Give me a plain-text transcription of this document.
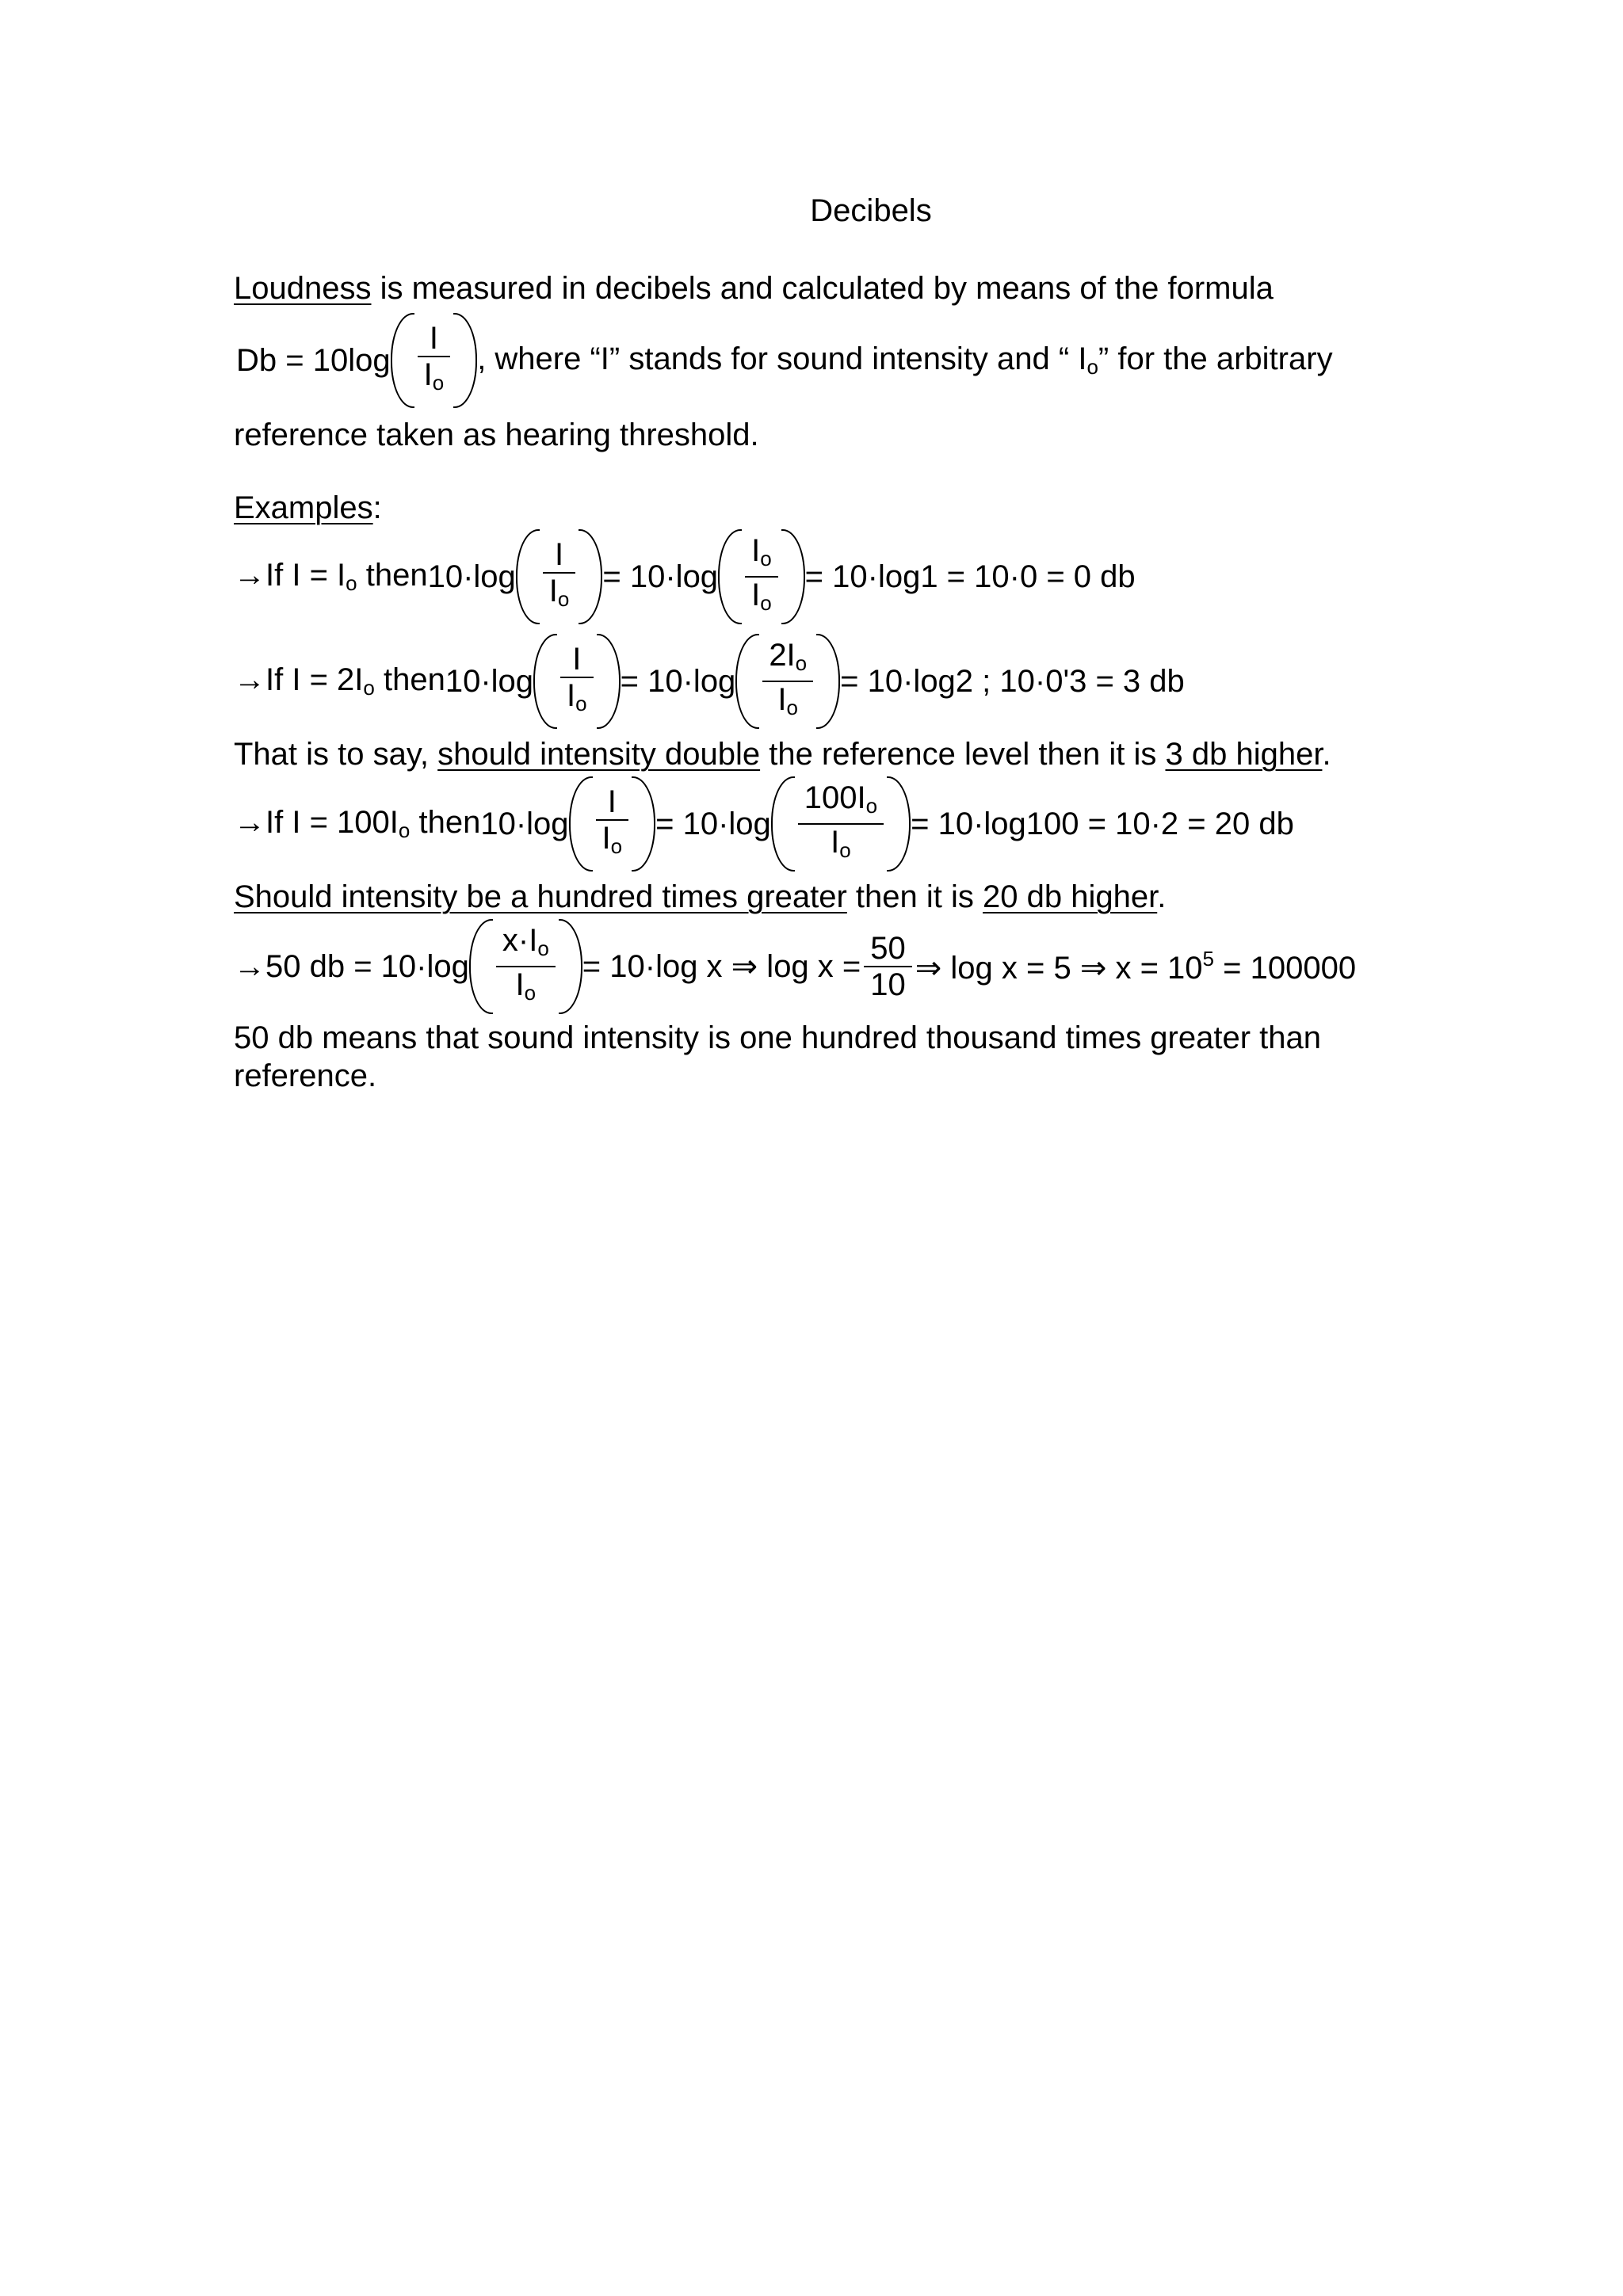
Decibels
Loudness is measured in decibels and calculated by means of the formula
$Db = 10\log \frac{I}{I_o}$ , where “I” stands for sound intensity and “ $I_o$” for the arbitrary
reference taken as hearing threshold.
Examples:
→If $I = I_o$ then $10\cdot\log \frac{I}{I_o} = 10\cdot\log \frac{I_o}{I_o} = 10\cdot\log 1 = 10\cdot 0 = 0$ db
→If $I = 2I_o$ then $10\cdot\log \frac{I}{I_o} = 10\cdot\log \frac{2I_o}{I_o} = 10\cdot\log 2$ ; 10·0'3 = 3 db
That is to say, should intensity double the reference level then it is 3 db higher.
→If $I = 100I_o$ then $10\cdot\log \frac{I}{I_o} = 10\cdot\log \frac{100I_o}{I_o} = 10\cdot\log 100 = 10\cdot 2 = 20$ db
Should intensity be a hundred times greater then it is 20 db higher.
→50 db = $10\cdot\log \frac{x\cdot I_o}{I_o} = 10\cdot\log$ x ⇒ $\log x = \frac{50}{10}$ ⇒ log x = 5 ⇒ $x = 10^5 = 100000$
50 db means that sound intensity is one hundred thousand times greater than
reference.
